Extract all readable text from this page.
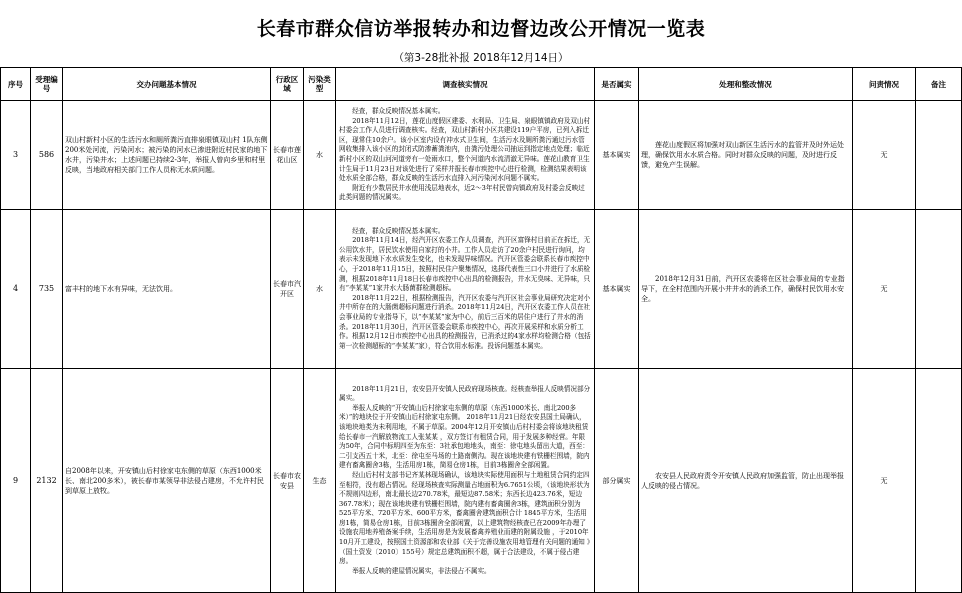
长春市群众信访举报转办和边督边改公开情况一览表
（第3-28批补报 2018年12月14日）
序号	受理编号	交办问题基本情况	行政区域	污染类型	调查核实情况	是否属实	处理和整改情况	问责情况	备注
3	586	双山村新村小区的生活污水和厕所粪污直排泉眼镇双山村 1队东侧200米处河流，污染河水；被污染的河水已渗进附近村民家的地下水井，污染井水；上述问题已持续2-3年，举报人曾向乡里和村里反映，当地政府相关部门工作人员称无水质问题。	长春市莲花山区	水	经查，群众反映情况基本属实。

2018年11月12日，莲花山度假区建委、水利局、卫生局、泉眼镇镇政府及双山村村委会工作人员进行调查核实。经查，双山村新村小区共建设119户平房，已列入拆迁区，现常住10余户。该小区室内设有冲水式卫生间，生活污水及厕所粪污通过污水管网收集排入该小区的封闭式防渗蓄粪池内，由粪污处理公司抽运到指定地点处理；临近新村小区的双山河河道旁有一处雨水口，整个河道内水流清澈无异味。莲花山教育卫生计生局于11月23日对该处进行了采样并报长春市疾控中心进行检测，检测结果表明该处水质全部合格，群众反映的生活污水直排入河污染河水问题不属实。

附近有少数居民井水使用浅层地表水，近2～3年村民曾向镇政府及村委会反映过此类问题的情况属实。	基本属实	莲花山度假区将加强对双山新区生活污水的监管并及时外运处理，确保饮用水水质合格。同时对群众反映的问题，及时进行反馈，避免产生误解。	无	
4	735	富丰村的地下水有异味，无法饮用。	长春市汽开区	水	经查，群众反映情况基本属实。

2018年11月14日，经汽开区农委工作人员调查，汽开区富锋村目前正在拆迁，无公用饮水井，居民饮水使用自家打的小井。工作人员走访了20余户村民进行询问，均表示未发现地下水水质发生变化，也未发现异味情况。汽开区管委会联系长春市疾控中心，于2018年11月15日，按照村民住户聚集情况，选择代表性三口小井进行了水质检测，根据2018年11月18日长春市疾控中心出具的检测报告，井水无臭味、无异味，只有“李某某”1家井水大肠菌群检测超标。

2018年11月22日，根据检测报告，汽开区农委与汽开区社会事业局研究决定对小井中所存在的大肠菌超标问题进行消杀。2018年11月24日，汽开区农委工作人员在社会事业局的专业指导下，以“李某某”家为中心，前后三百米的居住户进行了井水的消杀。2018年11月30日，汽开区管委会联系市疾控中心，再次开展采样和水质分析工作。根据12月12日市疾控中心出具的检测报告，已消杀过的4家水样均检测合格（包括第一次检测超标的“李某某”家），符合饮用水标准。投诉问题基本属实。	基本属实	2018年12月31日前，汽开区农委将在区社会事业局的专业指导下，在全村范围内开展小井井水的消杀工作，确保村民饮用水安全。	无	
9	2132	自2008年以来，开安镇山后村徐家屯东侧的草原（东西1000米长、南北200多米），被长春市某领导非法侵占建房，不允许村民到草原上放牧。	长春市农安县	生态	2018年11月21日，农安县开安镇人民政府现场核查。经核查举报人反映情况部分属实。

举报人反映的“开安镇山后村徐家屯东侧的草原（东西1000米长、南北200多米）”的地块位于开安镇山后村徐家屯东侧。 2018年11月21日经农安县国土局确认，该地块地类为未利用地，不属于草原。2004年12月开安镇山后村村委会将该地块租赁给长春市一汽解放物流工人张某某 ，双方签订有租赁合同，用于发展多种经营。年限为50年，合同中标明四至为东至：3社承包地地头，南至：徐屯地头留出大道，西至：二引支西五十米，北至：徐屯至马场的土路南侧沟。现在该地块建有铁栅栏围墙，院内建有畜禽圈舍3栋，生活用房1栋，简易仓房1栋，目前3栋圈舍全部闲置。

经山后村村支部书记齐某林现场确认，该地块实际使用面积与土地租赁合同约定四至相符，没有超占情况。经现场核查实际测量占地面积为6.7651公顷，（该地块形状为不规则四边形，南北最长边270.78米，最短边87.58米；东西长边423.76米，短边367.78米）；现在该地块建有铁栅栏围墙，院内建有畜禽圈舍3栋，建筑面积分别为525平方米、720平方米、600平方米，畜禽圈舍建筑面积合计 1845平方米，生活用房1栋，简易仓房1栋，目前3栋圈舍全部闲置，以上建筑物经核查已在2009年办理了设施农用地养殖备案手续，生活用房是为发展畜禽养殖业而建的附属设施 ，于2010年10月开工建设，按照国土资源部和农业部《关于完善设施农用地管理有关问题的通知 》（国土资发〔2010〕155号）规定总建筑面积不超，属于合法建设，不属于侵占建房。

举报人反映的建屋情况属实，非法侵占不属实。	部分属实	农安县人民政府责令开安镇人民政府加强监管，防止出现举报人反映的侵占情况。	无	
